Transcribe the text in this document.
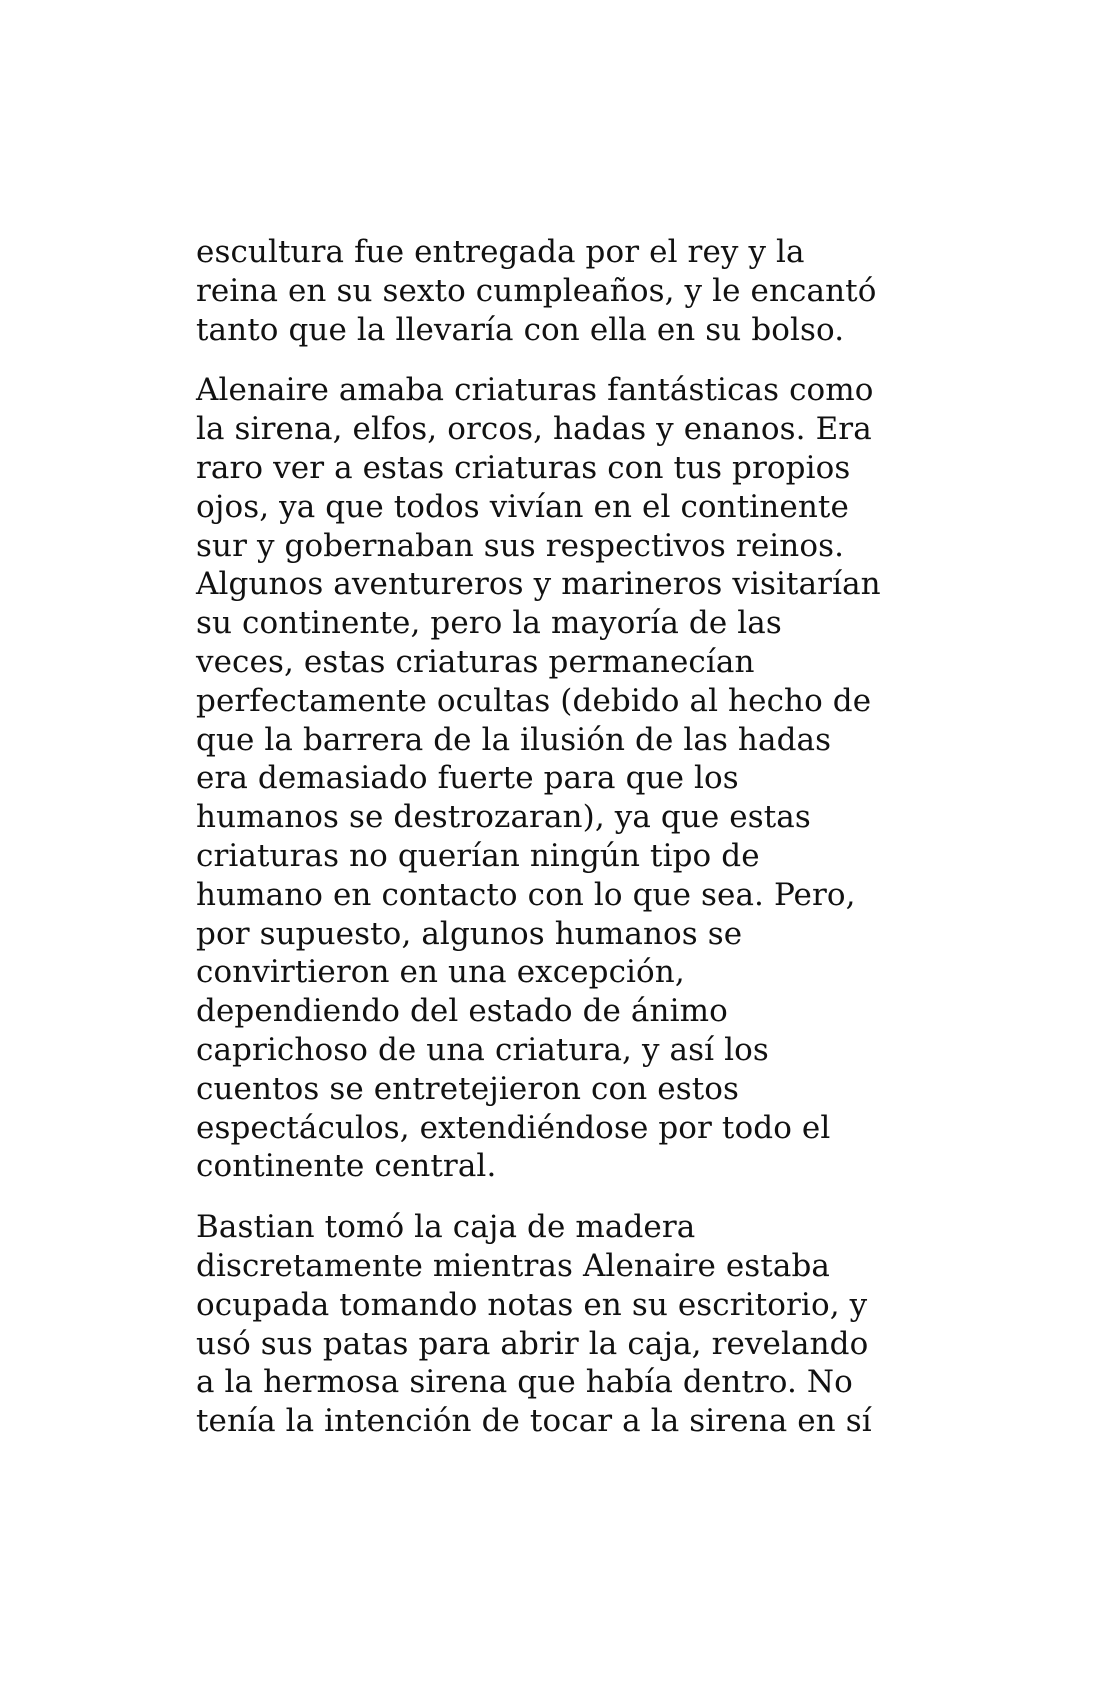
escultura fue entregada por el rey y la
reina en su sexto cumpleaños, y le encantó
tanto que la llevaría con ella en su bolso.

Alenaire amaba criaturas fantásticas como
la sirena, elfos, orcos, hadas y enanos. Era
raro ver a estas criaturas con tus propios
ojos, ya que todos vivían en el continente
sur y gobernaban sus respectivos reinos.
Algunos aventureros y marineros visitarían
su continente, pero la mayoría de las
veces, estas criaturas permanecían
perfectamente ocultas (debido al hecho de
que la barrera de la ilusión de las hadas
era demasiado fuerte para que los
humanos se destrozaran), ya que estas
criaturas no querían ningún tipo de
humano en contacto con lo que sea. Pero,
por supuesto, algunos humanos se
convirtieron en una excepción,
dependiendo del estado de ánimo
caprichoso de una criatura, y así los
cuentos se entretejieron con estos
espectáculos, extendiéndose por todo el
continente central.

Bastian tomó la caja de madera
discretamente mientras Alenaire estaba
ocupada tomando notas en su escritorio, y
usó sus patas para abrir la caja, revelando
a la hermosa sirena que había dentro. No
tenía la intención de tocar a la sirena en sí
